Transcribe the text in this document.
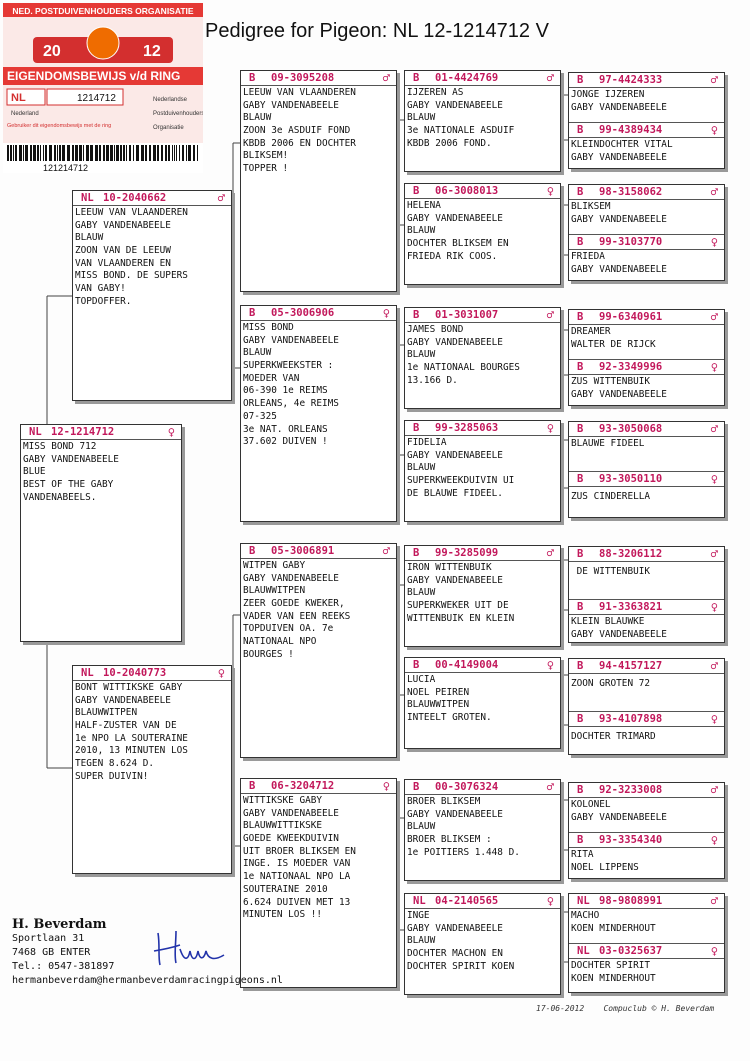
NED. POSTDUIVENHOUDERS ORGANISATIE
20	12
EIGENDOMSBEWIJS v/d RING
NL	1214712
Nederland
Nederlandse
Postduivenhouders
Organisatie
Gebruiker dit eigendomsbewijs met de ring
121214712
Pedigree for Pigeon: NL 12-1214712 V
NL 12-1214712	♀
MISS BOND 712
GABY VANDENABEELE
BLUE
BEST OF THE GABY
VANDENABEELS.
NL 10-2040662	♂
LEEUW VAN VLAANDEREN
GABY VANDENABEELE
BLAUW
ZOON VAN DE LEEUW
VAN VLAANDEREN EN
MISS BOND. DE SUPERS
VAN GABY!
TOPDOFFER.
NL 10-2040773	♀
BONT WITTIKSKE GABY
GABY VANDENABEELE
BLAUWWITPEN
HALF-ZUSTER VAN DE
1e NPO LA SOUTERAINE
2010, 13 MINUTEN LOS
TEGEN 8.624 D.
SUPER DUIVIN!
B 09-3095208	♂
LEEUW VAN VLAANDEREN
GABY VANDENABEELE
BLAUW
ZOON 3e ASDUIF FOND
KBDB 2006 EN DOCHTER
BLIKSEM!
TOPPER !
B 05-3006906	♀
MISS BOND
GABY VANDENABEELE
BLAUW
SUPERKWEEKSTER :
MOEDER VAN
06-390 1e REIMS
ORLEANS, 4e REIMS
07-325
3e NAT. ORLEANS
37.602 DUIVEN !
B 05-3006891	♂
WITPEN GABY
GABY VANDENABEELE
BLAUWWITPEN
ZEER GOEDE KWEKER,
VADER VAN EEN REEKS
TOPDUIVEN OA. 7e
NATIONAAL NPO
BOURGES !
B 06-3204712	♀
WITTIKSKE GABY
GABY VANDENABEELE
BLAUWWITTIKSKE
GOEDE KWEEKDUIVIN
UIT BROER BLIKSEM EN
INGE. IS MOEDER VAN
1e NATIONAAL NPO LA
SOUTERAINE 2010
6.624 DUIVEN MET 13
MINUTEN LOS !!
B 01-4424769	♂
IJZEREN AS
GABY VANDENABEELE
BLAUW
3e NATIONALE ASDUIF
KBDB 2006 FOND.
B 06-3008013	♀
HELENA
GABY VANDENABEELE
BLAUW
DOCHTER BLIKSEM EN
FRIEDA RIK COOS.
B 01-3031007	♂
JAMES BOND
GABY VANDENABEELE
BLAUW
1e NATIONAAL BOURGES
13.166 D.
B 99-3285063	♀
FIDELIA
GABY VANDENABEELE
BLAUW
SUPERKWEEKDUIVIN UI
DE BLAUWE FIDEEL.
B 99-3285099	♂
IRON WITTENBUIK
GABY VANDENABEELE
BLAUW
SUPERKWEKER UIT DE
WITTENBUIK EN KLEIN
B 00-4149004	♀
LUCIA
NOEL PEIREN
BLAUWWITPEN
INTEELT GROTEN.
B 00-3076324	♂
BROER BLIKSEM
GABY VANDENABEELE
BLAUW
BROER BLIKSEM :
1e POITIERS 1.448 D.
NL 04-2140565	♀
INGE
GABY VANDENABEELE
BLAUW
DOCHTER MACHON EN
DOCHTER SPIRIT KOEN
B 97-4424333	♂
JONGE IJZEREN
GABY VANDENABEELE
B 99-4389434	♀
KLEINDOCHTER VITAL
GABY VANDENABEELE
B 98-3158062	♂
BLIKSEM
GABY VANDENABEELE
B 99-3103770	♀
FRIEDA
GABY VANDENABEELE
B 99-6340961	♂
DREAMER
WALTER DE RIJCK
B 92-3349996	♀
ZUS WITTENBUIK
GABY VANDENABEELE
B 93-3050068	♂
BLAUWE FIDEEL
B 93-3050110	♀
ZUS CINDERELLA
B 88-3206112	♂
DE WITTENBUIK
B 91-3363821	♀
KLEIN BLAUWKE
GABY VANDENABEELE
B 94-4157127	♂
ZOON GROTEN 72
B 93-4107898	♀
DOCHTER TRIMARD
B 92-3233008	♂
KOLONEL
GABY VANDENABEELE
B 93-3354340	♀
RITA
NOEL LIPPENS
NL 98-9808991	♂
MACHO
KOEN MINDERHOUT
NL 03-0325637	♀
DOCHTER SPIRIT
KOEN MINDERHOUT
H. Beverdam
Sportlaan 31
7468 GB ENTER
Tel.: 0547-381897
hermanbeverdam@hermanbeverdamracingpigeons.nl
17-06-2012 Compuclub © H. Beverdam
